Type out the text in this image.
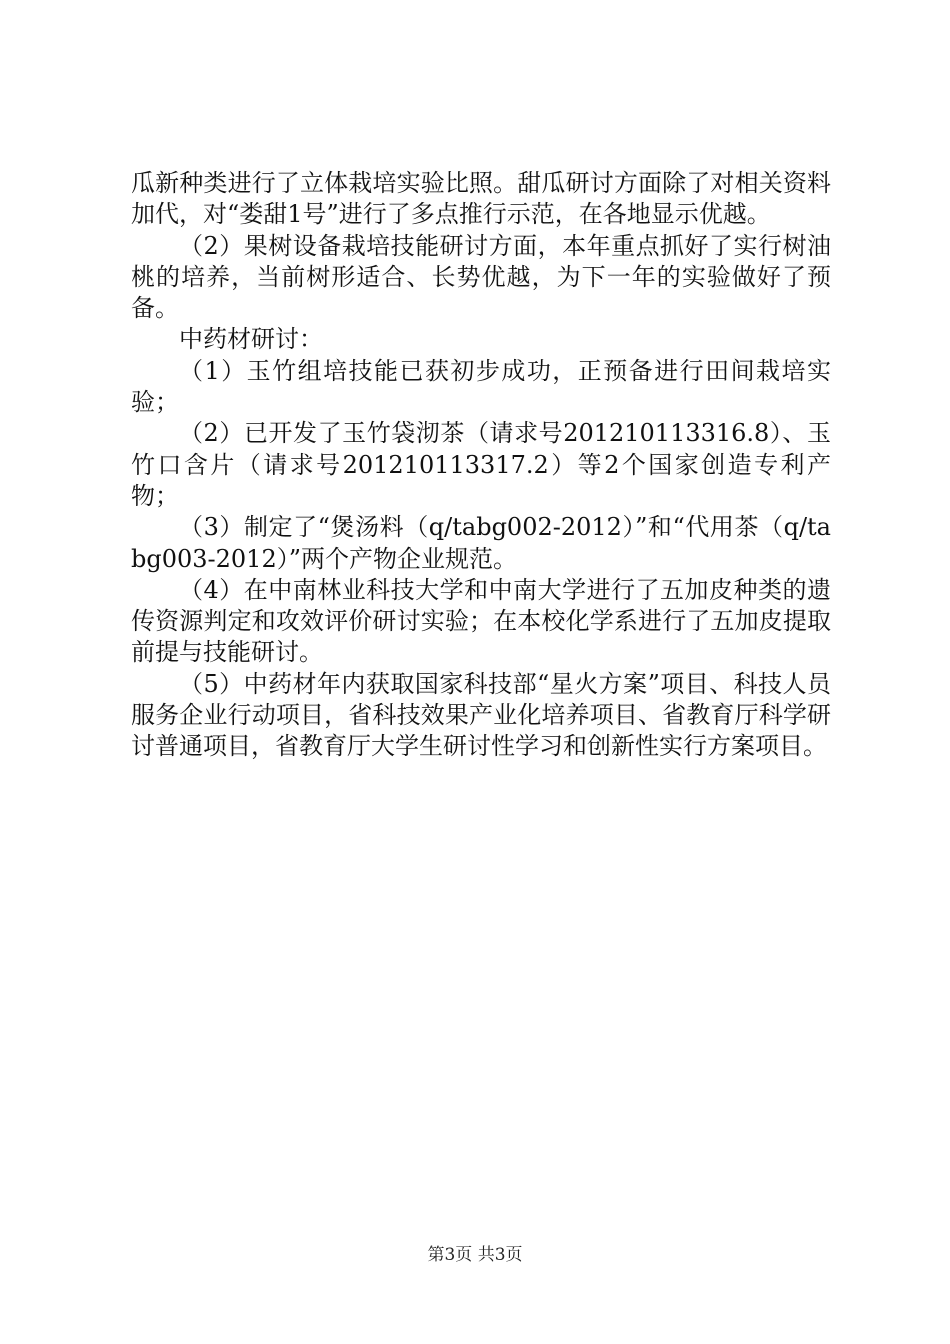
瓜新种类进行了立体栽培实验比照。甜瓜研讨方面除了对相关资料加代，对“娄甜1号”进行了多点推行示范，在各地显示优越。

（2）果树设备栽培技能研讨方面，本年重点抓好了实行树油桃的培养，当前树形适合、长势优越，为下一年的实验做好了预备。

中药材研讨：

（1）玉竹组培技能已获初步成功，正预备进行田间栽培实验；

（2）已开发了玉竹袋沏茶（请求号201210113316.8）、玉竹口含片（请求号201210113317.2）等2个国家创造专利产物；

（3）制定了“煲汤料（q/tabg002-2012）”和“代用茶（q/tabg003-2012）”两个产物企业规范。

（4）在中南林业科技大学和中南大学进行了五加皮种类的遗传资源判定和攻效评价研讨实验；在本校化学系进行了五加皮提取前提与技能研讨。

（5）中药材年内获取国家科技部“星火方案”项目、科技人员服务企业行动项目，省科技效果产业化培养项目、省教育厅科学研讨普通项目，省教育厅大学生研讨性学习和创新性实行方案项目。

第3页 共3页
